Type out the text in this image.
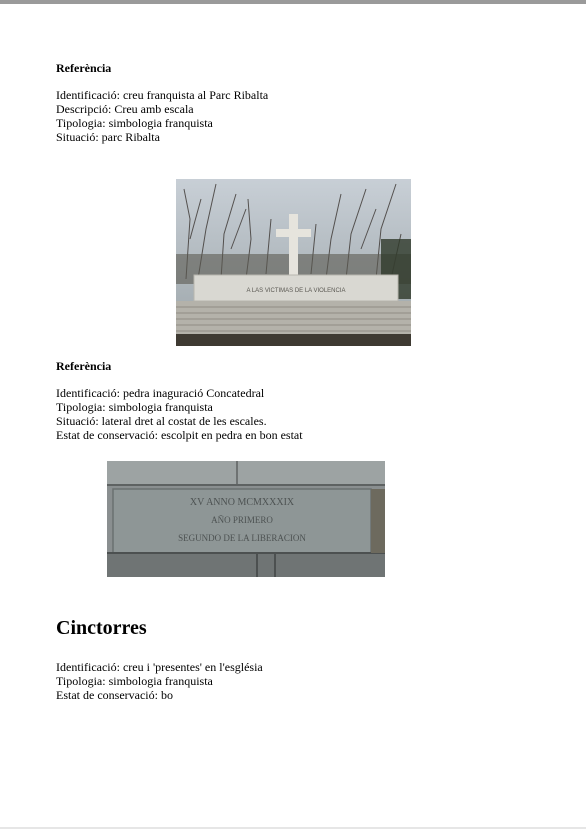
Referència
Identificació: creu franquista al Parc Ribalta
Descripció: Creu amb escala
Tipologia: simbologia franquista
Situació: parc Ribalta
A LAS VICTIMAS DE LA VIOLENCIA
Referència
Identificació: pedra inaguració Concatedral
Tipologia: simbologia franquista
Situació: lateral dret al costat de les escales.
Estat de conservació: escolpit en pedra en bon estat
XV ANNO MCMXXXIX
AÑO PRIMERO
SEGUNDO DE LA LIBERACION
Cinctorres
Identificació: creu i 'presentes' en l'església
Tipologia: simbologia franquista
Estat de conservació: bo
